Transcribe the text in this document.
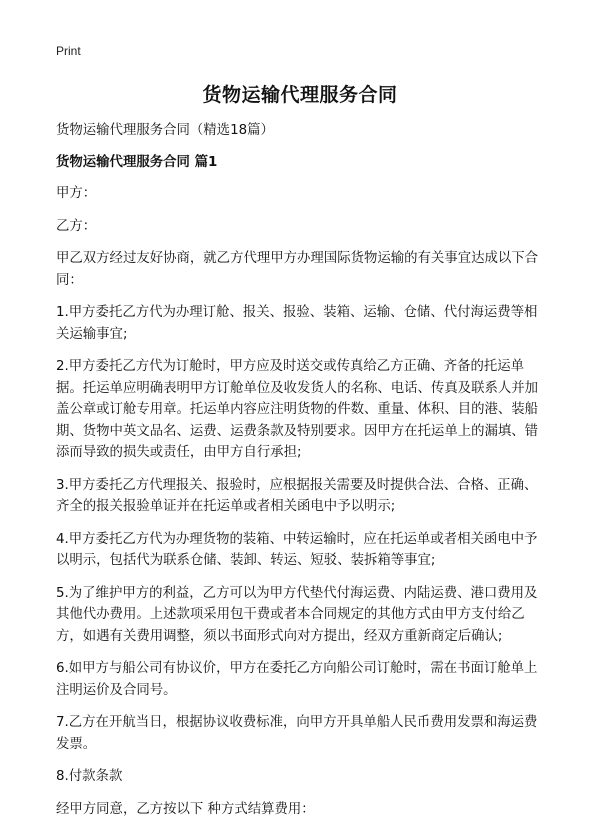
Print
货物运输代理服务合同

货物运输代理服务合同（精选18篇）

货物运输代理服务合同 篇1

甲方：

乙方：

甲乙双方经过友好协商，就乙方代理甲方办理国际货物运输的有关事宜达成以下合同：

1.甲方委托乙方代为办理订舱、报关、报验、装箱、运输、仓储、代付海运费等相关运输事宜;

2.甲方委托乙方代为订舱时，甲方应及时送交或传真给乙方正确、齐备的托运单据。托运单应明确表明甲方订舱单位及收发货人的名称、电话、传真及联系人并加盖公章或订舱专用章。托运单内容应注明货物的件数、重量、体积、目的港、装船期、货物中英文品名、运费、运费条款及特别要求。因甲方在托运单上的漏填、错添而导致的损失或责任，由甲方自行承担;

3.甲方委托乙方代理报关、报验时，应根据报关需要及时提供合法、合格、正确、齐全的报关报验单证并在托运单或者相关函电中予以明示;

4.甲方委托乙方代为办理货物的装箱、中转运输时，应在托运单或者相关函电中予以明示，包括代为联系仓储、装卸、转运、短驳、装拆箱等事宜;

5.为了维护甲方的利益，乙方可以为甲方代垫代付海运费、内陆运费、港口费用及其他代办费用。上述款项采用包干费或者本合同规定的其他方式由甲方支付给乙方，如遇有关费用调整，须以书面形式向对方提出，经双方重新商定后确认;

6.如甲方与船公司有协议价，甲方在委托乙方向船公司订舱时，需在书面订舱单上注明运价及合同号。

7.乙方在开航当日，根据协议收费标准，向甲方开具单船人民币费用发票和海运费发票。

8.付款条款

经甲方同意，乙方按以下 种方式结算费用：
